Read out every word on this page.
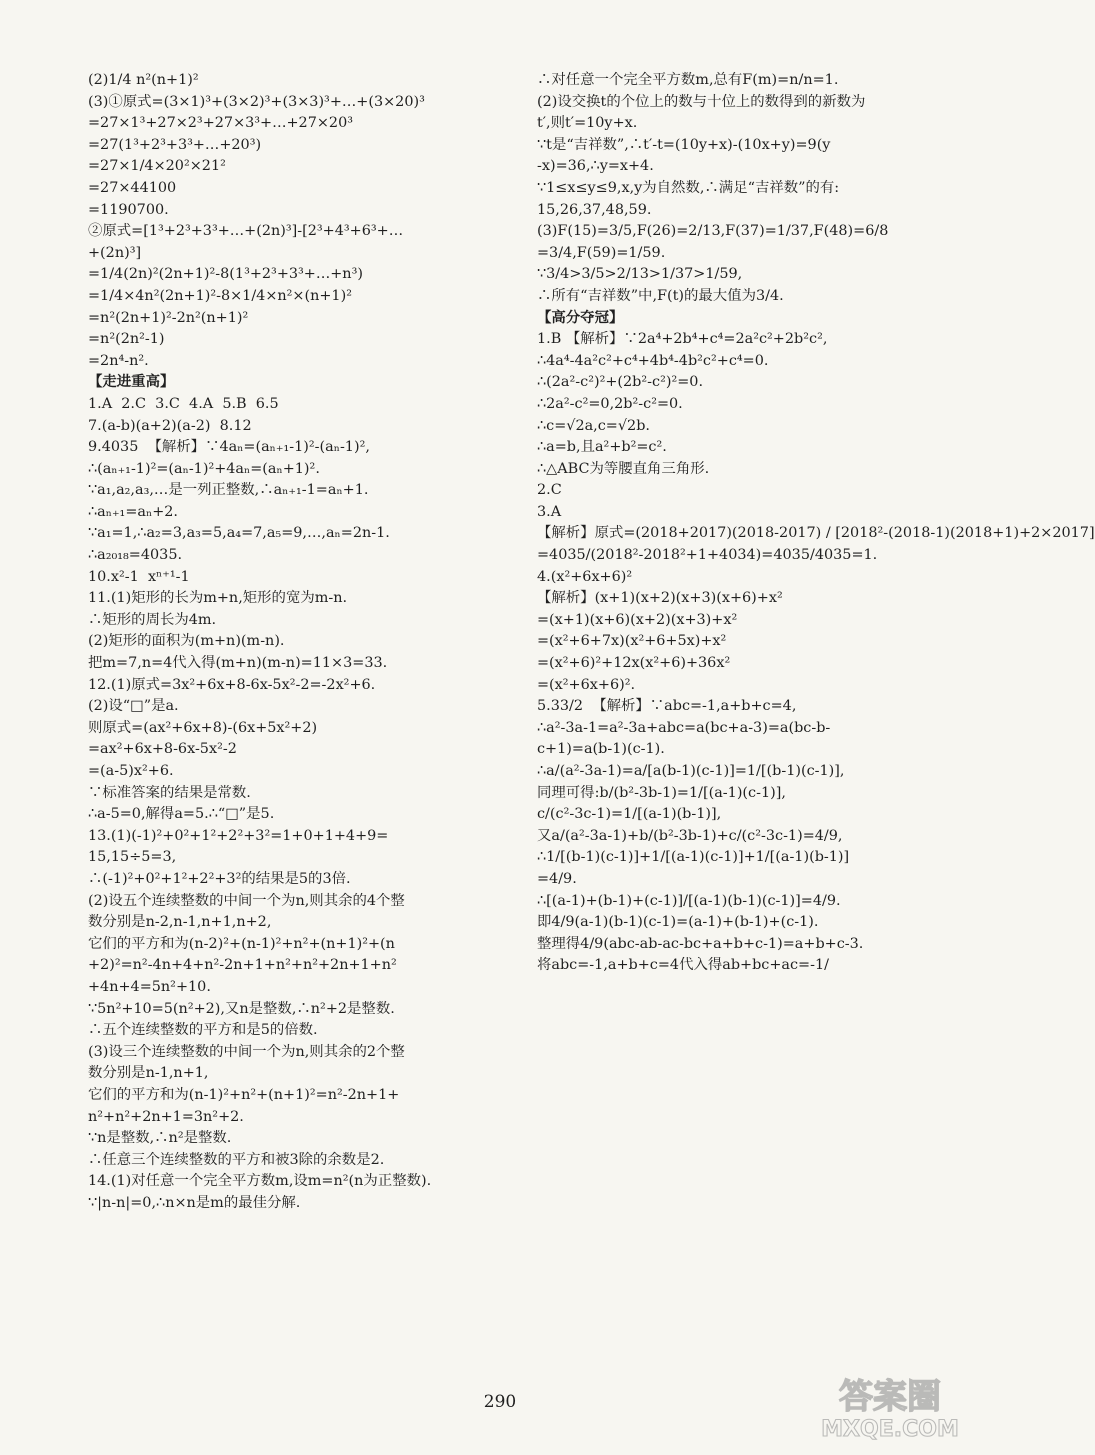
(2)1/4 n²(n+1)²
(3)①原式=(3×1)³+(3×2)³+(3×3)³+…+(3×20)³
=27×1³+27×2³+27×3³+…+27×20³
=27(1³+2³+3³+…+20³)
=27×1/4×20²×21²
=27×44100
=1190700.
②原式=[1³+2³+3³+…+(2n)³]-[2³+4³+6³+…
+(2n)³]
=1/4(2n)²(2n+1)²-8(1³+2³+3³+…+n³)
=1/4×4n²(2n+1)²-8×1/4×n²×(n+1)²
=n²(2n+1)²-2n²(n+1)²
=n²(2n²-1)
=2n⁴-n².
【走进重高】
1.A  2.C  3.C  4.A  5.B  6.5
7.(a-b)(a+2)(a-2)  8.12
9.4035  【解析】∵4aₙ=(aₙ₊₁-1)²-(aₙ-1)²,
∴(aₙ₊₁-1)²=(aₙ-1)²+4aₙ=(aₙ+1)².
∵a₁,a₂,a₃,…是一列正整数,∴aₙ₊₁-1=aₙ+1.
∴aₙ₊₁=aₙ+2.
∵a₁=1,∴a₂=3,a₃=5,a₄=7,a₅=9,…,aₙ=2n-1.
∴a₂₀₁₈=4035.
10.x²-1  xⁿ⁺¹-1
11.(1)矩形的长为m+n,矩形的宽为m-n.
∴矩形的周长为4m.
(2)矩形的面积为(m+n)(m-n).
把m=7,n=4代入得(m+n)(m-n)=11×3=33.
12.(1)原式=3x²+6x+8-6x-5x²-2=-2x²+6.
(2)设“□”是a.
则原式=(ax²+6x+8)-(6x+5x²+2)
=ax²+6x+8-6x-5x²-2
=(a-5)x²+6.
∵标准答案的结果是常数.
∴a-5=0,解得a=5.∴“□”是5.
13.(1)(-1)²+0²+1²+2²+3²=1+0+1+4+9=
15,15÷5=3,
∴(-1)²+0²+1²+2²+3²的结果是5的3倍.
(2)设五个连续整数的中间一个为n,则其余的4个整
数分别是n-2,n-1,n+1,n+2,
它们的平方和为(n-2)²+(n-1)²+n²+(n+1)²+(n
+2)²=n²-4n+4+n²-2n+1+n²+n²+2n+1+n²
+4n+4=5n²+10.
∵5n²+10=5(n²+2),又n是整数,∴n²+2是整数.
∴五个连续整数的平方和是5的倍数.
(3)设三个连续整数的中间一个为n,则其余的2个整
数分别是n-1,n+1,
它们的平方和为(n-1)²+n²+(n+1)²=n²-2n+1+
n²+n²+2n+1=3n²+2.
∵n是整数,∴n²是整数.
∴任意三个连续整数的平方和被3除的余数是2.
14.(1)对任意一个完全平方数m,设m=n²(n为正整数).
∵|n-n|=0,∴n×n是m的最佳分解.
∴对任意一个完全平方数m,总有F(m)=n/n=1.
(2)设交换t的个位上的数与十位上的数得到的新数为
t′,则t′=10y+x.
∵t是“吉祥数”,∴t′-t=(10y+x)-(10x+y)=9(y
-x)=36,∴y=x+4.
∵1≤x≤y≤9,x,y为自然数,∴满足“吉祥数”的有:
15,26,37,48,59.
(3)F(15)=3/5,F(26)=2/13,F(37)=1/37,F(48)=6/8
=3/4,F(59)=1/59.
∵3/4>3/5>2/13>1/37>1/59,
∴所有“吉祥数”中,F(t)的最大值为3/4.
【高分夺冠】
1.B 【解析】∵2a⁴+2b⁴+c⁴=2a²c²+2b²c²,
∴4a⁴-4a²c²+c⁴+4b⁴-4b²c²+c⁴=0.
∴(2a²-c²)²+(2b²-c²)²=0.
∴2a²-c²=0,2b²-c²=0.
∴c=√2a,c=√2b.
∴a=b,且a²+b²=c².
∴△ABC为等腰直角三角形.
2.C
3.A
【解析】原式=(2018+2017)(2018-2017) / [2018²-(2018-1)(2018+1)+2×2017]
=4035/(2018²-2018²+1+4034)=4035/4035=1.
4.(x²+6x+6)²
【解析】(x+1)(x+2)(x+3)(x+6)+x²
=(x+1)(x+6)(x+2)(x+3)+x²
=(x²+6+7x)(x²+6+5x)+x²
=(x²+6)²+12x(x²+6)+36x²
=(x²+6x+6)².
5.33/2  【解析】∵abc=-1,a+b+c=4,
∴a²-3a-1=a²-3a+abc=a(bc+a-3)=a(bc-b-
c+1)=a(b-1)(c-1).
∴a/(a²-3a-1)=a/[a(b-1)(c-1)]=1/[(b-1)(c-1)],
同理可得:b/(b²-3b-1)=1/[(a-1)(c-1)],
c/(c²-3c-1)=1/[(a-1)(b-1)],
又a/(a²-3a-1)+b/(b²-3b-1)+c/(c²-3c-1)=4/9,
∴1/[(b-1)(c-1)]+1/[(a-1)(c-1)]+1/[(a-1)(b-1)]
=4/9.
∴[(a-1)+(b-1)+(c-1)]/[(a-1)(b-1)(c-1)]=4/9.
即4/9(a-1)(b-1)(c-1)=(a-1)+(b-1)+(c-1).
整理得4/9(abc-ab-ac-bc+a+b+c-1)=a+b+c-3.
将abc=-1,a+b+c=4代入得ab+bc+ac=-1/
290	答案圈
MXQE.COM
